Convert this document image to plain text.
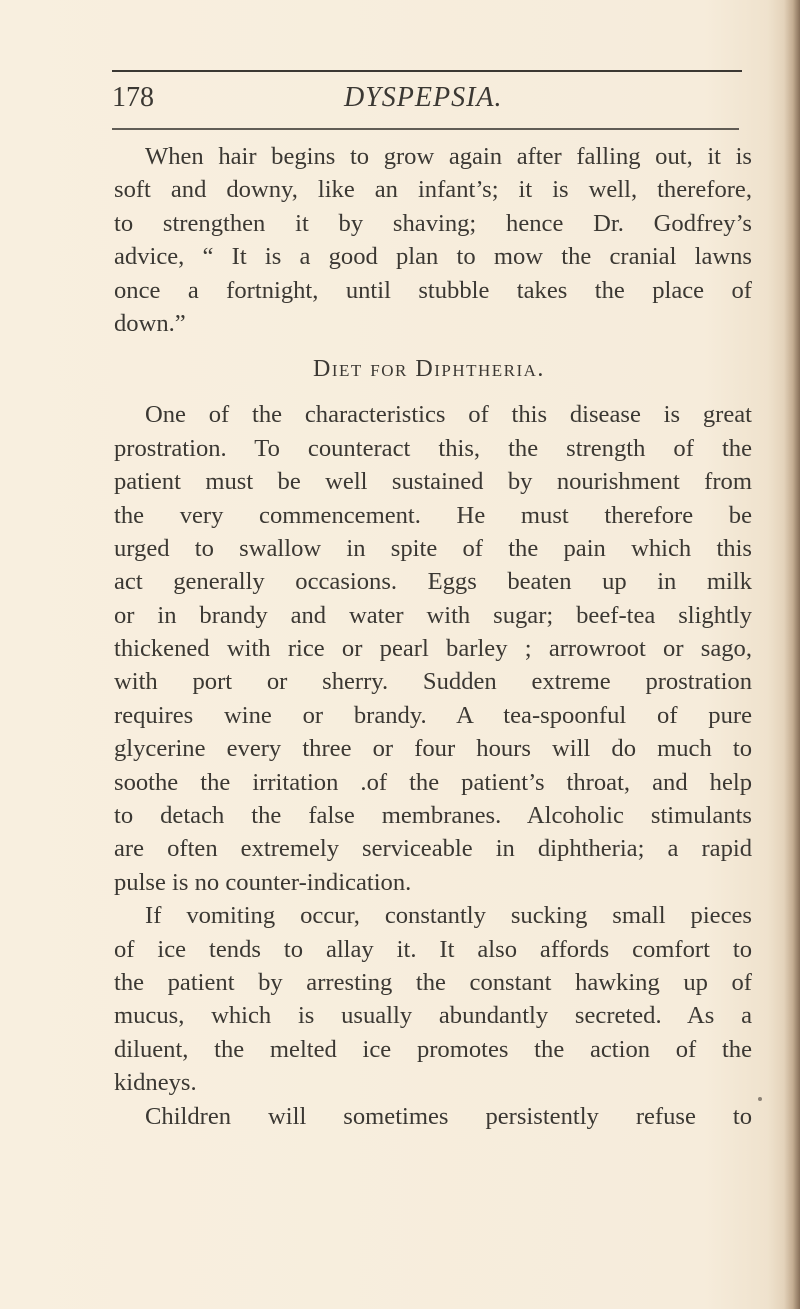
178	DYSPEPSIA.
When hair begins to grow again after falling out, it is
soft and downy, like an infant’s; it is well, therefore,
to strengthen it by shaving; hence Dr. Godfrey’s
advice, “ It is a good plan to mow the cranial lawns
once a fortnight, until stubble takes the place of
down.”
Diet for Diphtheria.
One of the characteristics of this disease is great
prostration. To counteract this, the strength of the
patient must be well sustained by nourishment from
the very commencement. He must therefore be
urged to swallow in spite of the pain which this
act generally occasions. Eggs beaten up in milk
or in brandy and water with sugar; beef-tea slightly
thickened with rice or pearl barley ; arrowroot or sago,
with port or sherry. Sudden extreme prostration
requires wine or brandy. A tea-spoonful of pure
glycerine every three or four hours will do much to
soothe the irritation .of the patient’s throat, and help
to detach the false membranes. Alcoholic stimulants
are often extremely serviceable in diphtheria; a rapid
pulse is no counter-indication.
If vomiting occur, constantly sucking small pieces
of ice tends to allay it. It also affords comfort to
the patient by arresting the constant hawking up of
mucus, which is usually abundantly secreted. As a
diluent, the melted ice promotes the action of the
kidneys.
Children will sometimes persistently refuse to
